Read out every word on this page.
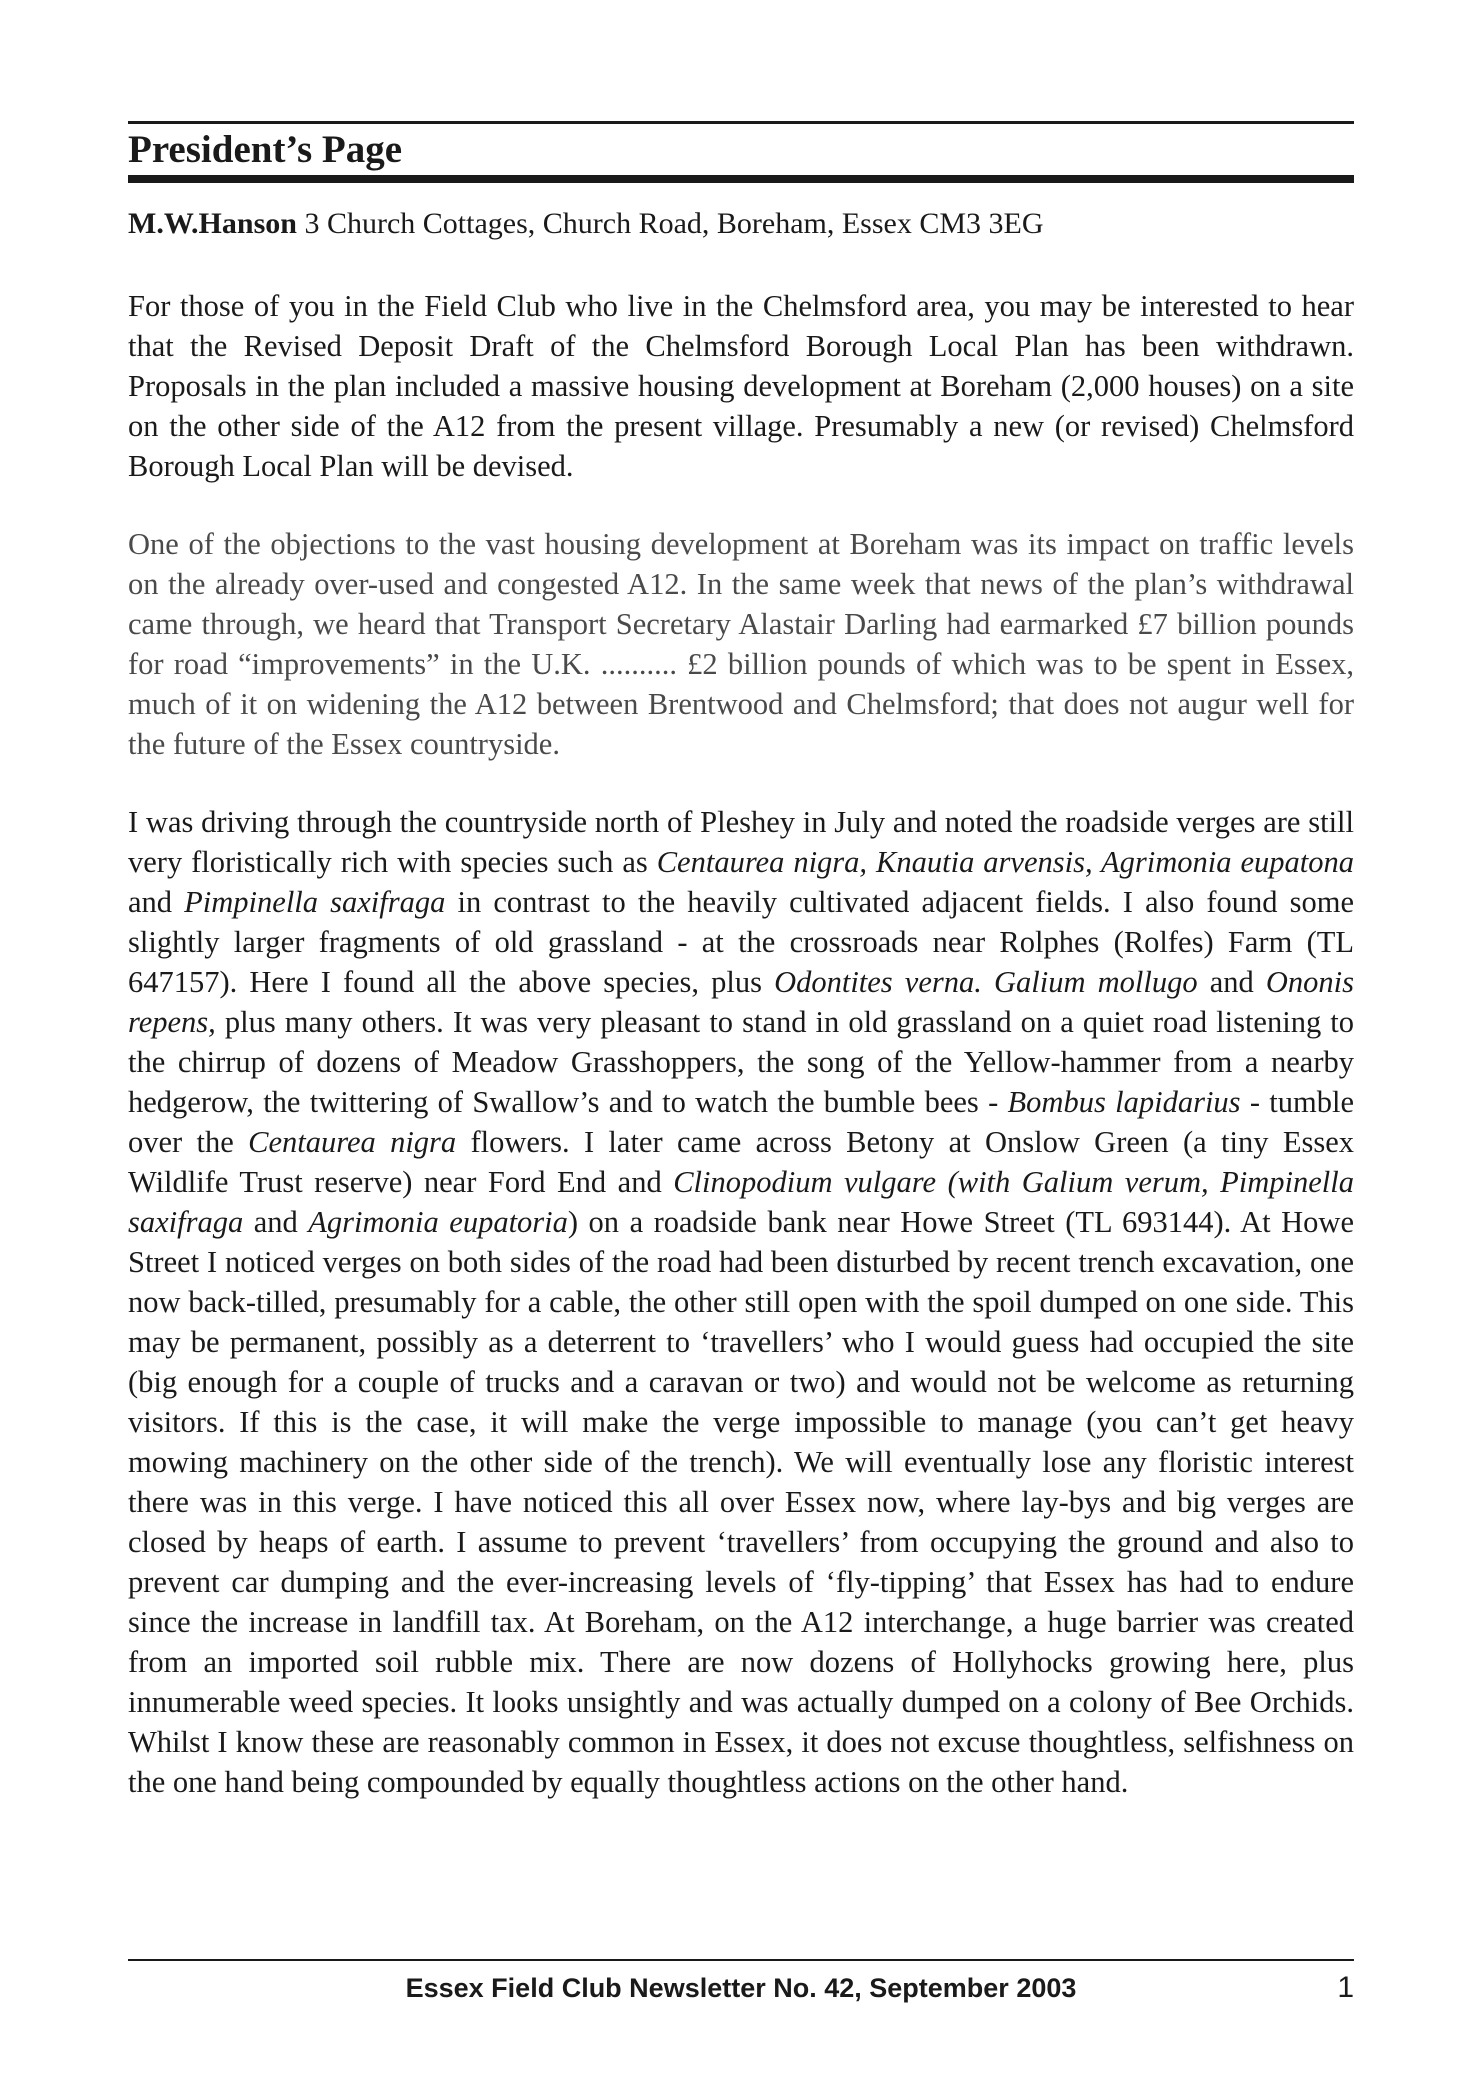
President’s Page

M.W.Hanson 3 Church Cottages, Church Road, Boreham, Essex CM3 3EG

For those of you in the Field Club who live in the Chelmsford area, you may be interested to hear that the Revised Deposit Draft of the Chelmsford Borough Local Plan has been withdrawn. Proposals in the plan included a massive housing development at Boreham (2,000 houses) on a site on the other side of the A12 from the present village. Presumably a new (or revised) Chelmsford Borough Local Plan will be devised.

One of the objections to the vast housing development at Boreham was its impact on traffic levels on the already over-used and congested A12. In the same week that news of the plan’s withdrawal came through, we heard that Transport Secretary Alastair Darling had earmarked £7 billion pounds for road “improvements” in the U.K. .......... £2 billion pounds of which was to be spent in Essex, much of it on widening the A12 between Brentwood and Chelmsford; that does not augur well for the future of the Essex countryside.

I was driving through the countryside north of Pleshey in July and noted the roadside verges are still very floristically rich with species such as Centaurea nigra, Knautia arvensis, Agrimonia eupatona and Pimpinella saxifraga in contrast to the heavily cultivated adjacent fields. I also found some slightly larger fragments of old grassland - at the crossroads near Rolphes (Rolfes) Farm (TL 647157). Here I found all the above species, plus Odontites verna. Galium mollugo and Ononis repens, plus many others. It was very pleasant to stand in old grassland on a quiet road listening to the chirrup of dozens of Meadow Grasshoppers, the song of the Yellow-hammer from a nearby hedgerow, the twittering of Swallow’s and to watch the bumble bees - Bombus lapidarius - tumble over the Centaurea nigra flowers. I later came across Betony at Onslow Green (a tiny Essex Wildlife Trust reserve) near Ford End and Clinopodium vulgare (with Galium verum, Pimpinella saxifraga and Agrimonia eupatoria) on a roadside bank near Howe Street (TL 693144). At Howe Street I noticed verges on both sides of the road had been disturbed by recent trench excavation, one now back-tilled, presumably for a cable, the other still open with the spoil dumped on one side. This may be permanent, possibly as a deterrent to ‘travellers’ who I would guess had occupied the site (big enough for a couple of trucks and a caravan or two) and would not be welcome as returning visitors. If this is the case, it will make the verge impossible to manage (you can’t get heavy mowing machinery on the other side of the trench). We will eventually lose any floristic interest there was in this verge. I have noticed this all over Essex now, where lay-bys and big verges are closed by heaps of earth. I assume to prevent ‘travellers’ from occupying the ground and also to prevent car dumping and the ever-increasing levels of ‘fly-tipping’ that Essex has had to endure since the increase in landfill tax. At Boreham, on the A12 interchange, a huge barrier was created from an imported soil rubble mix. There are now dozens of Hollyhocks growing here, plus innumerable weed species. It looks unsightly and was actually dumped on a colony of Bee Orchids. Whilst I know these are reasonably common in Essex, it does not excuse thoughtless, selfishness on the one hand being compounded by equally thoughtless actions on the other hand.

Essex Field Club Newsletter No. 42, September 2003	1
